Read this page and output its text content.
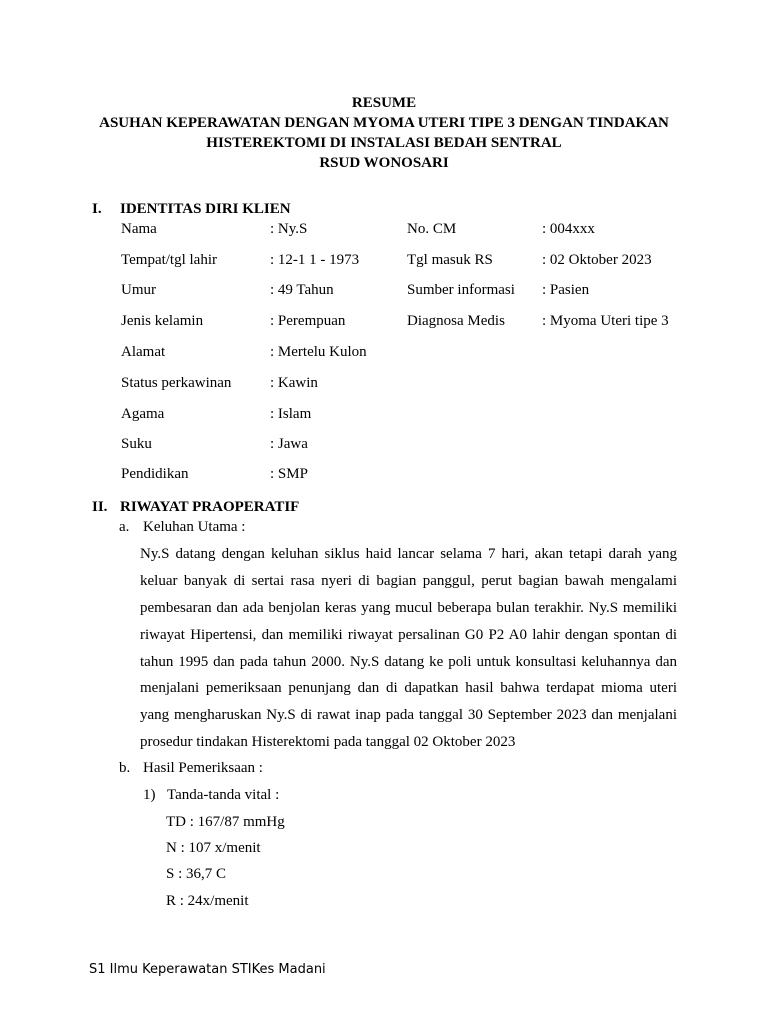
RESUME
ASUHAN KEPERAWATAN DENGAN MYOMA UTERI TIPE 3 DENGAN TINDAKAN
HISTEREKTOMI DI INSTALASI BEDAH SENTRAL
RSUD WONOSARI
I. IDENTITAS DIRI KLIEN
Nama	: Ny.S	No. CM	: 004xxx
Tempat/tgl lahir	: 12-1 1 - 1973	Tgl masuk RS	: 02 Oktober 2023
Umur	: 49 Tahun	Sumber informasi : Pasien
Jenis kelamin	: Perempuan	Diagnosa Medis : Myoma Uteri tipe 3
Alamat	: Mertelu Kulon
Status perkawinan	: Kawin
Agama	: Islam
Suku	: Jawa
Pendidikan	: SMP
II. RIWAYAT PRAOPERATIF
a. Keluhan Utama :
Ny.S datang dengan keluhan siklus haid lancar selama 7 hari, akan tetapi darah yang
keluar banyak di sertai rasa nyeri di bagian panggul, perut bagian bawah mengalami
pembesaran dan ada benjolan keras yang mucul beberapa bulan terakhir. Ny.S memiliki
riwayat Hipertensi, dan memiliki riwayat persalinan G0 P2 A0 lahir dengan spontan di
tahun 1995 dan pada tahun 2000. Ny.S datang ke poli untuk konsultasi keluhannya dan
menjalani pemeriksaan penunjang dan di dapatkan hasil bahwa terdapat mioma uteri
yang mengharuskan Ny.S di rawat inap pada tanggal 30 September 2023 dan menjalani
prosedur tindakan Histerektomi pada tanggal 02 Oktober 2023
b. Hasil Pemeriksaan :
1) Tanda-tanda vital :
TD : 167/87 mmHg
N : 107 x/menit
S : 36,7 C
R : 24x/menit
S1 Ilmu Keperawatan STIKes Madani
